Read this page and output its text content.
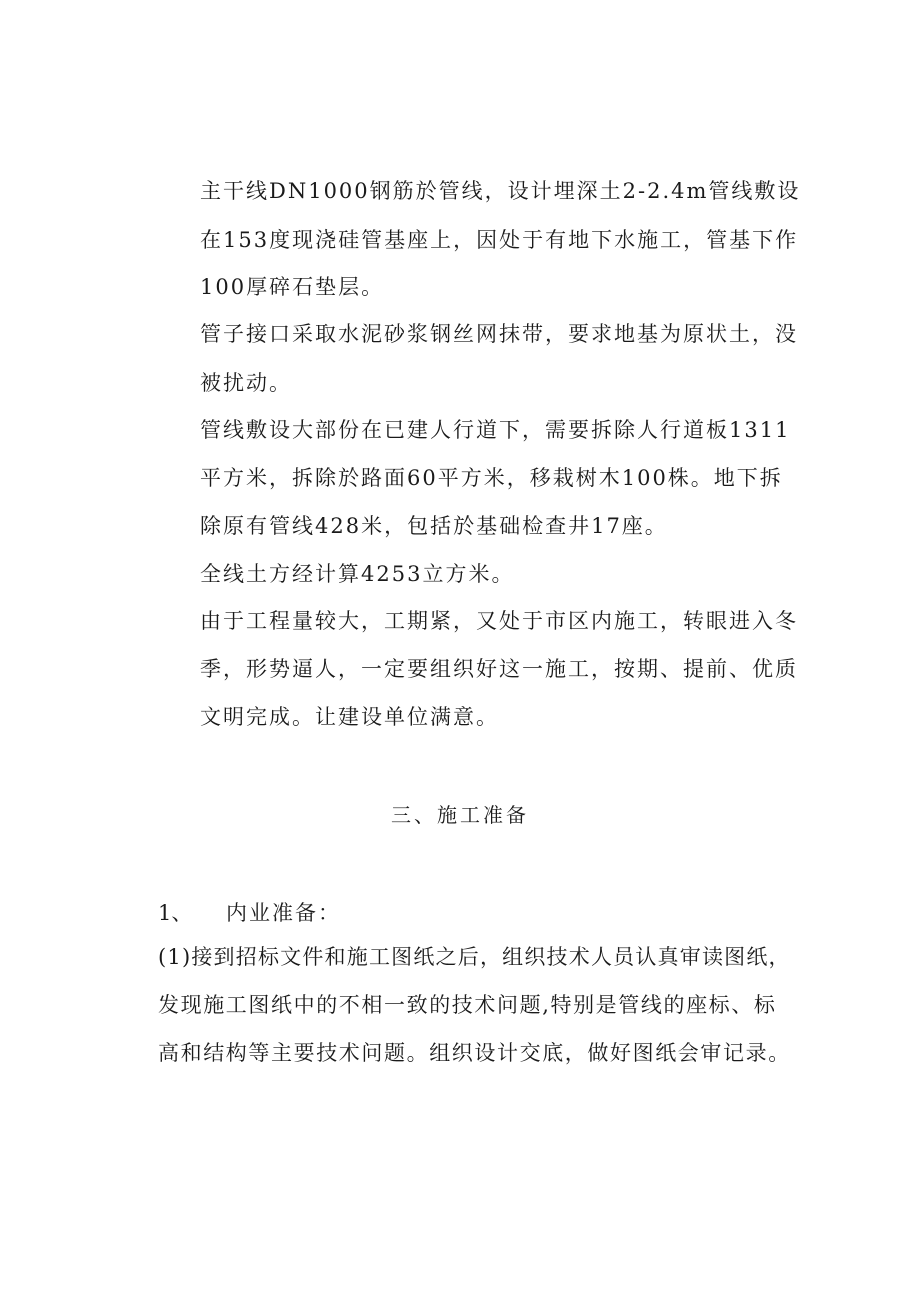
主干线DN1000钢筋於管线，设计埋深土2-2.4m管线敷设
在153度现浇硅管基座上，因处于有地下水施工，管基下作
100厚碎石垫层。
管子接口采取水泥砂浆钢丝网抹带，要求地基为原状土，没
被扰动。
管线敷设大部份在已建人行道下，需要拆除人行道板1311
平方米，拆除於路面60平方米，移栽树木100株。地下拆
除原有管线428米，包括於基础检查井17座。
全线土方经计算4253立方米。
由于工程量较大，工期紧，又处于市区内施工，转眼进入冬
季，形势逼人，一定要组织好这一施工，按期、提前、优质
文明完成。让建设单位满意。
三、施工准备
1、 内业准备：
(1)接到招标文件和施工图纸之后，组织技术人员认真审读图纸，
发现施工图纸中的不相一致的技术问题,特别是管线的座标、标
高和结构等主要技术问题。组织设计交底，做好图纸会审记录。
